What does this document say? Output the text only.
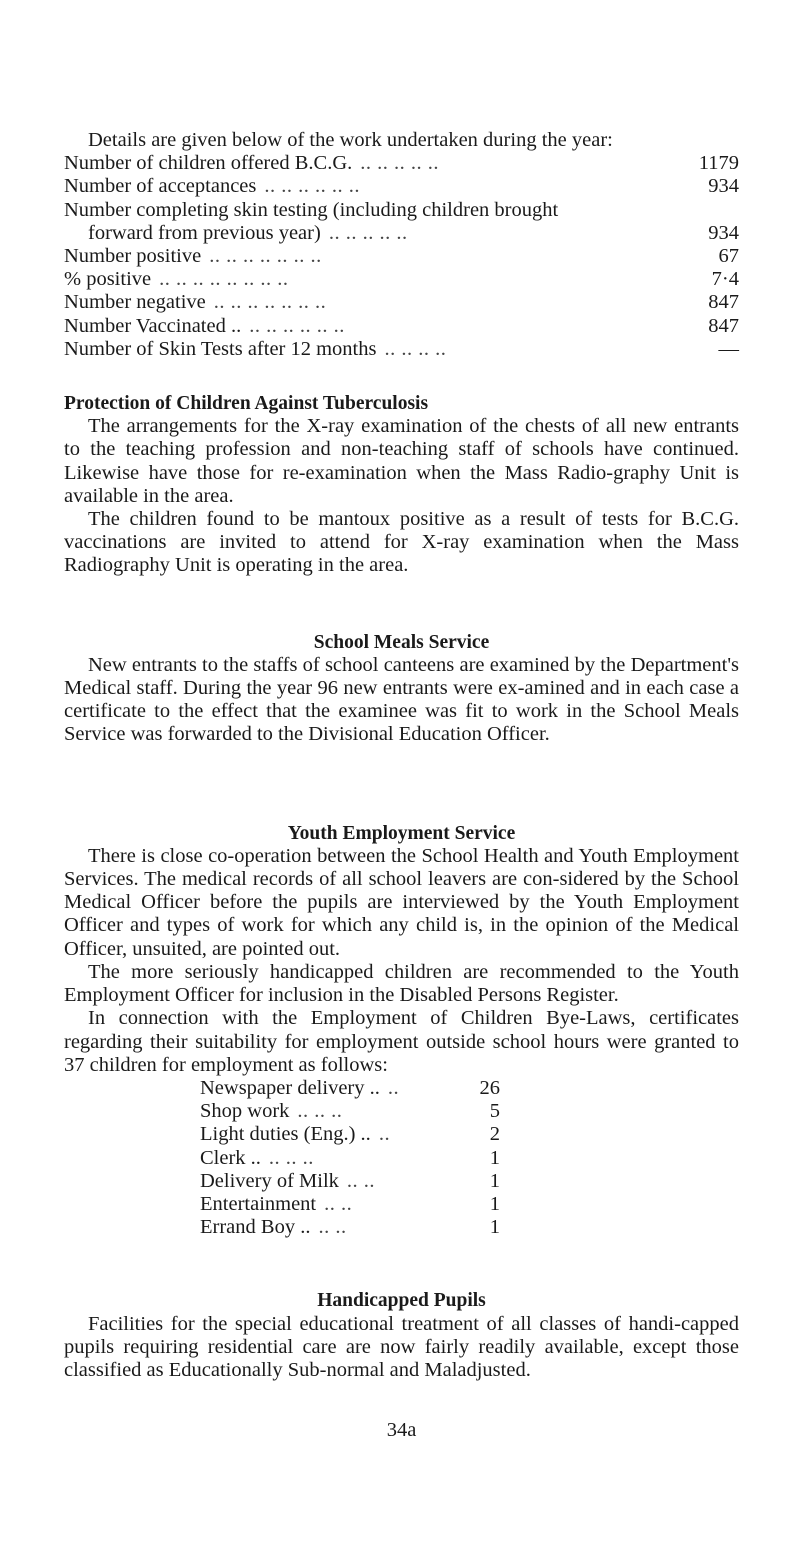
Details are given below of the work undertaken during the year:

Number of children offered B.C.G. .. .. .. .. ..	1179
Number of acceptances .. .. .. .. .. ..	934
Number completing skin testing (including children brought
forward from previous year) .. .. .. .. ..	934
Number positive .. .. .. .. .. .. ..	67
% positive .. .. .. .. .. .. .. ..	7·4
Number negative .. .. .. .. .. .. ..	847
Number Vaccinated .. .. .. .. .. .. ..	847
Number of Skin Tests after 12 months .. .. .. ..	—

Protection of Children Against Tuberculosis

The arrangements for the X-ray examination of the chests of all new entrants to the teaching profession and non-teaching staff of schools have continued. Likewise have those for re-examination when the Mass Radio-graphy Unit is available in the area.

The children found to be mantoux positive as a result of tests for B.C.G. vaccinations are invited to attend for X-ray examination when the Mass Radiography Unit is operating in the area.

School Meals Service

New entrants to the staffs of school canteens are examined by the Department's Medical staff. During the year 96 new entrants were ex-amined and in each case a certificate to the effect that the examinee was fit to work in the School Meals Service was forwarded to the Divisional Education Officer.

Youth Employment Service

There is close co-operation between the School Health and Youth Employment Services. The medical records of all school leavers are con-sidered by the School Medical Officer before the pupils are interviewed by the Youth Employment Officer and types of work for which any child is, in the opinion of the Medical Officer, unsuited, are pointed out.

The more seriously handicapped children are recommended to the Youth Employment Officer for inclusion in the Disabled Persons Register.

In connection with the Employment of Children Bye-Laws, certificates regarding their suitability for employment outside school hours were granted to 37 children for employment as follows:

Newspaper delivery .. ..	26
Shop work .. .. ..	5
Light duties (Eng.) .. ..	2
Clerk .. .. .. ..	1
Delivery of Milk .. ..	1
Entertainment .. ..	1
Errand Boy .. .. ..	1

Handicapped Pupils

Facilities for the special educational treatment of all classes of handi-capped pupils requiring residential care are now fairly readily available, except those classified as Educationally Sub-normal and Maladjusted.

34a
